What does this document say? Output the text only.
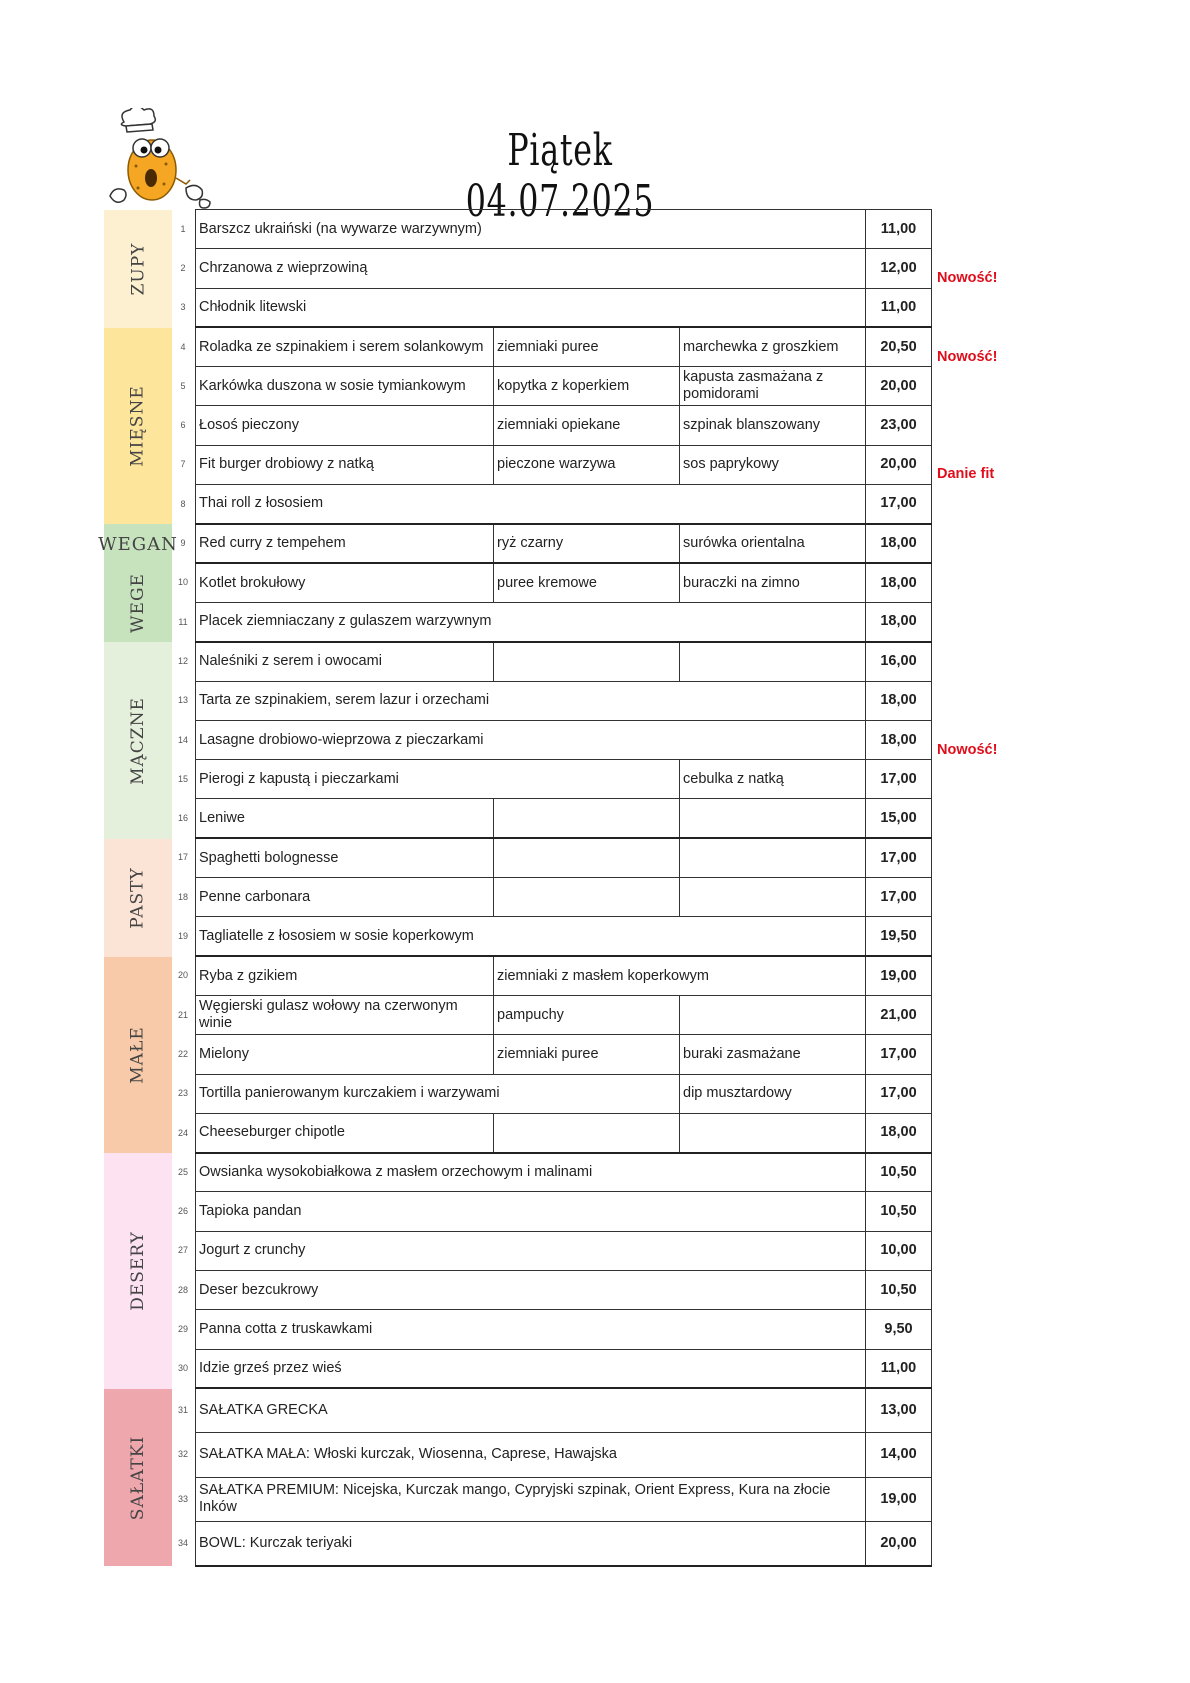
Piątek 04.07.2025
ZUPY
MIĘSNE
WEGAN
WEGE
MĄCZNE
PASTY
MAŁE
DESERY
SAŁATKI
1
2
3
4
5
6
7
8
9
10
11
12
13
14
15
16
17
18
19
20
21
22
23
24
25
26
27
28
29
30
31
32
33
34
Barszcz ukraiński (na wywarze warzywnym)			11,00
Chrzanowa z wieprzowiną			12,00
Chłodnik litewski			11,00
Roladka ze szpinakiem i serem solankowym	ziemniaki puree	marchewka z groszkiem	20,50
Karkówka duszona w sosie tymiankowym	kopytka z koperkiem	kapusta zasmażana z pomidorami	20,00
Łosoś pieczony	ziemniaki opiekane	szpinak blanszowany	23,00
Fit burger drobiowy z natką	pieczone warzywa	sos paprykowy	20,00
Thai roll z łososiem			17,00
Red curry z tempehem	ryż czarny	surówka orientalna	18,00
Kotlet brokułowy	puree kremowe	buraczki na zimno	18,00
Placek ziemniaczany z gulaszem warzywnym			18,00
Naleśniki z serem i owocami			16,00
Tarta ze szpinakiem, serem lazur i orzechami			18,00
Lasagne drobiowo-wieprzowa z pieczarkami			18,00
Pierogi z kapustą i pieczarkami		cebulka z natką	17,00
Leniwe			15,00
Spaghetti bolognesse			17,00
Penne carbonara			17,00
Tagliatelle z łososiem w sosie koperkowym			19,50
Ryba z gzikiem	ziemniaki z masłem koperkowym		19,00
Węgierski gulasz wołowy na czerwonym winie	pampuchy		21,00
Mielony	ziemniaki puree	buraki zasmażane	17,00
Tortilla panierowanym kurczakiem i warzywami		dip musztardowy	17,00
Cheeseburger chipotle			18,00
Owsianka wysokobiałkowa z masłem orzechowym i malinami			10,50
Tapioka pandan			10,50
Jogurt z crunchy			10,00
Deser bezcukrowy			10,50
Panna cotta z truskawkami			9,50
Idzie grześ przez wieś			11,00
SAŁATKA GRECKA			13,00
SAŁATKA MAŁA: Włoski kurczak, Wiosenna, Caprese, Hawajska			14,00
SAŁATKA PREMIUM: Nicejska, Kurczak mango, Cypryjski szpinak, Orient Express, Kura na złocie Inków			19,00
BOWL: Kurczak teriyaki			20,00
Nowość!
Nowość!
Danie fit
Nowość!
